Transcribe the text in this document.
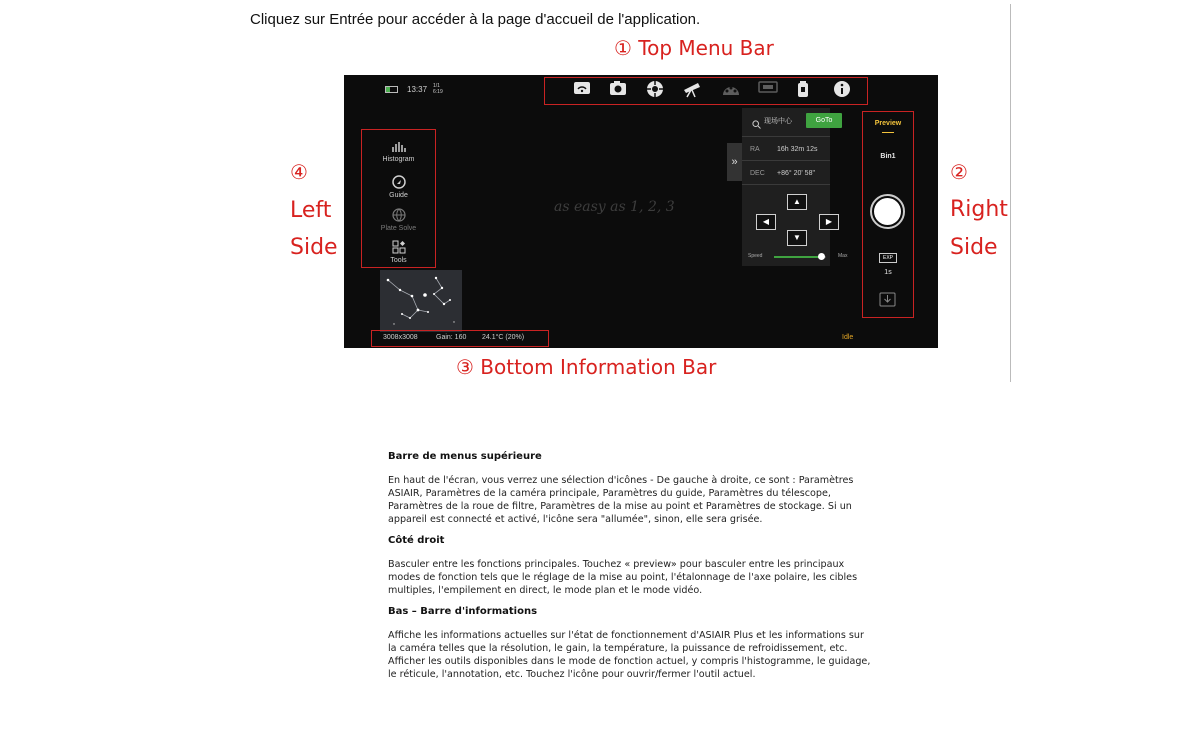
Cliquez sur Entrée pour accéder à la page d'accueil de l'application.
① Top Menu Bar
②
Right
Side
④
Left
Side
③ Bottom Information Bar
13:37 1/1
6:19
as easy as 1, 2, 3
Histogram
Guide
Plate Solve
Tools
»
现场中心	GoTo
RA 16h 32m 12s
DEC +86° 20' 58"
▲
◀	▶
▼
Speed	Max
Preview
Bin1
EXP
1s
3008x3008	Gain: 160 24.1°C (20%)	Idle
Barre de menus supérieure

En haut de l'écran, vous verrez une sélection d'icônes - De gauche à droite, ce sont : Paramètres

ASIAIR, Paramètres de la caméra principale, Paramètres du guide, Paramètres du télescope,

Paramètres de la roue de filtre, Paramètres de la mise au point et Paramètres de stockage. Si un

appareil est connecté et activé, l'icône sera "allumée", sinon, elle sera grisée.

Côté droit

Basculer entre les fonctions principales. Touchez « preview» pour basculer entre les principaux

modes de fonction tels que le réglage de la mise au point, l'étalonnage de l'axe polaire, les cibles

multiples, l'empilement en direct, le mode plan et le mode vidéo.

Bas – Barre d'informations

Affiche les informations actuelles sur l'état de fonctionnement d'ASIAIR Plus et les informations sur

la caméra telles que la résolution, le gain, la température, la puissance de refroidissement, etc.

Afficher les outils disponibles dans le mode de fonction actuel, y compris l'histogramme, le guidage,

le réticule, l'annotation, etc. Touchez l'icône pour ouvrir/fermer l'outil actuel.
